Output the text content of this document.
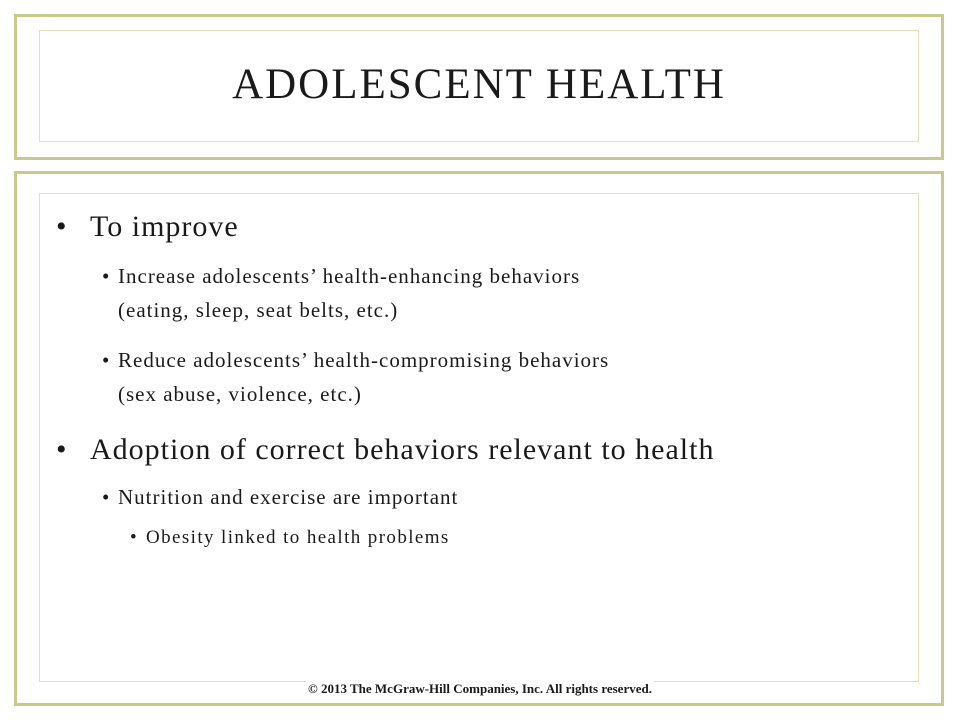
ADOLESCENT HEALTH
• To improve
• Increase adolescents’ health-enhancing behaviors
(eating, sleep, seat belts, etc.)
• Reduce adolescents’ health-compromising behaviors
(sex abuse, violence, etc.)
• Adoption of correct behaviors relevant to health
• Nutrition and exercise are important
• Obesity linked to health problems
© 2013 The McGraw-Hill Companies, Inc. All rights reserved.
